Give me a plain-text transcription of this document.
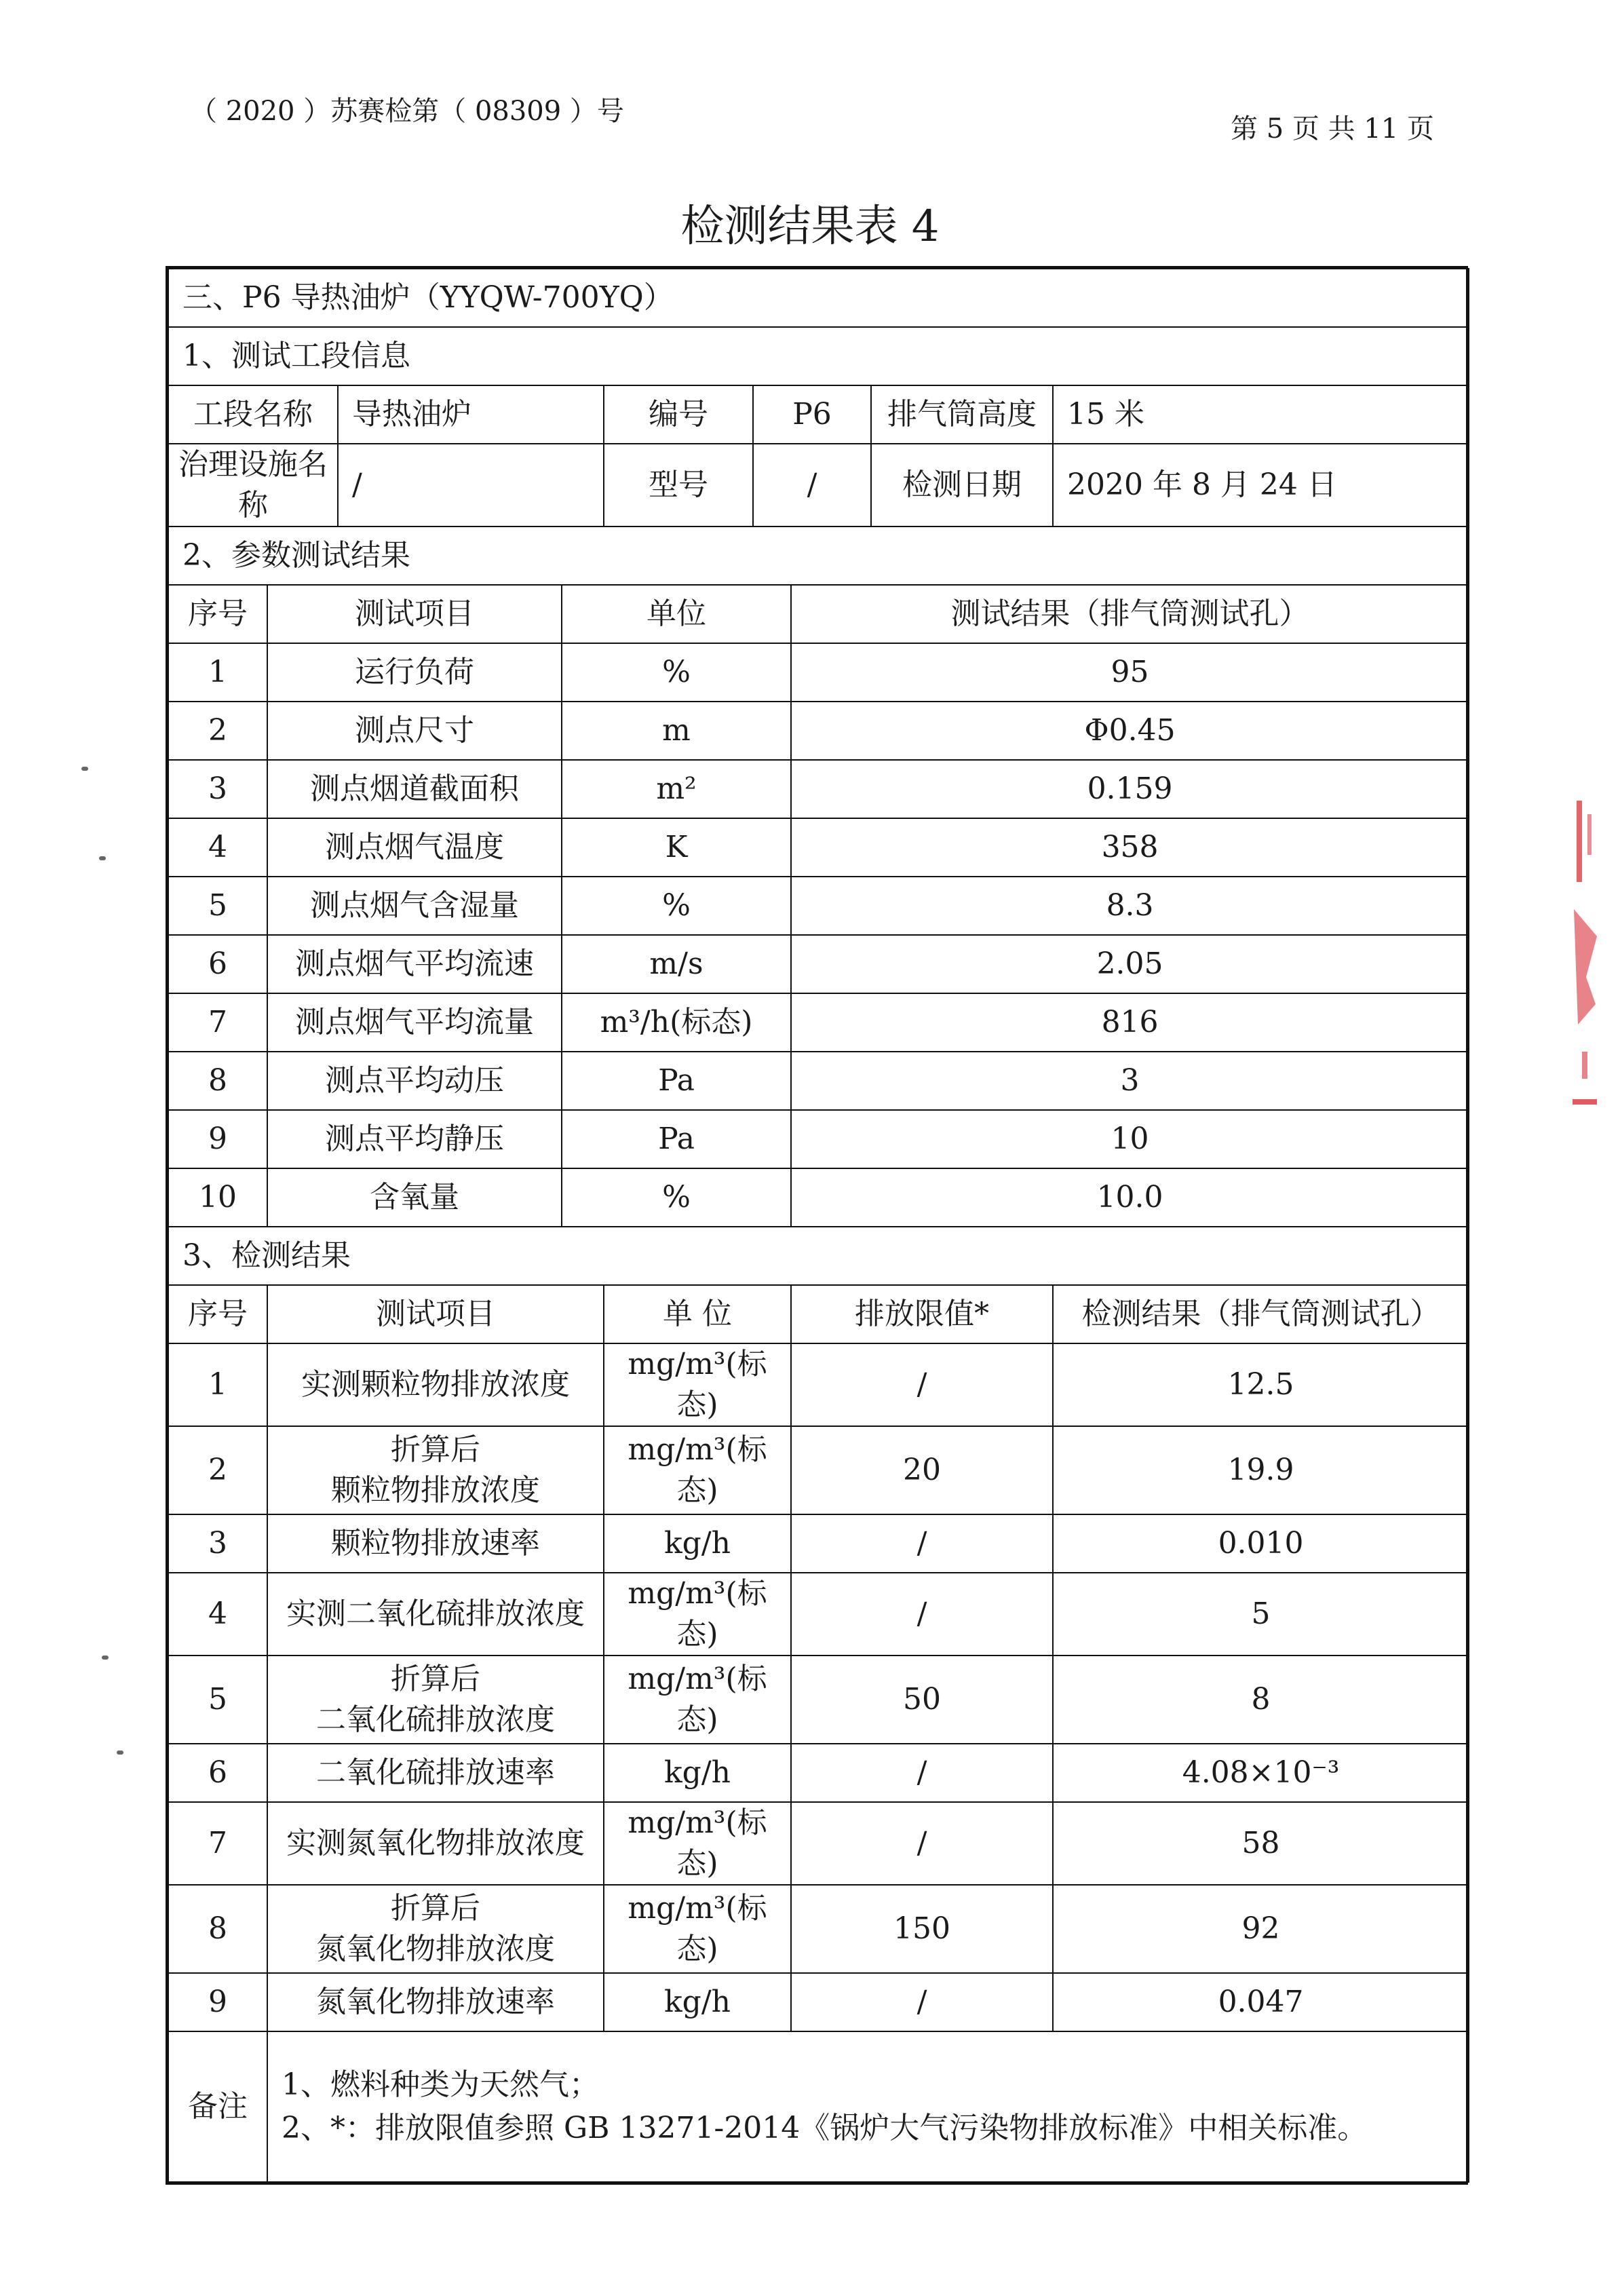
（ 2020 ）苏赛检第（ 08309 ）号
第 5 页 共 11 页
检测结果表 4
三、P6 导热油炉（YYQW-700YQ）								
1、测试工段信息								
工段名称		导热油炉		编号	P6		排气筒高度	15 米
治理设施名称		/		型号	/		检测日期	2020 年 8 月 24 日
2、参数测试结果								
序号	测试项目		单位			测试结果（排气筒测试孔）		
1	运行负荷		%			95		
2	测点尺寸		m			Φ0.45		
3	测点烟道截面积		m²			0.159		
4	测点烟气温度		K			358		
5	测点烟气含湿量		%			8.3		
6	测点烟气平均流速		m/s			2.05		
7	测点烟气平均流量		m³/h(标态)			816		
8	测点平均动压		Pa			3		
9	测点平均静压		Pa			10		
10	含氧量		%			10.0		
3、检测结果								
序号	测试项目			单 位		排放限值*		检测结果（排气筒测试孔）
1	实测颗粒物排放浓度			mg/m³(标态)		/		12.5
2	折算后
颗粒物排放浓度			mg/m³(标态)		20		19.9
3	颗粒物排放速率			kg/h		/		0.010
4	实测二氧化硫排放浓度			mg/m³(标态)		/		5
5	折算后
二氧化硫排放浓度			mg/m³(标态)		50		8
6	二氧化硫排放速率			kg/h		/		4.08×10⁻³
7	实测氮氧化物排放浓度			mg/m³(标态)		/		58
8	折算后
氮氧化物排放浓度			mg/m³(标态)		150		92
9	氮氧化物排放速率			kg/h		/		0.047
备注	1、燃料种类为天然气；
2、*：排放限值参照 GB 13271-2014《锅炉大气污染物排放标准》中相关标准。							
